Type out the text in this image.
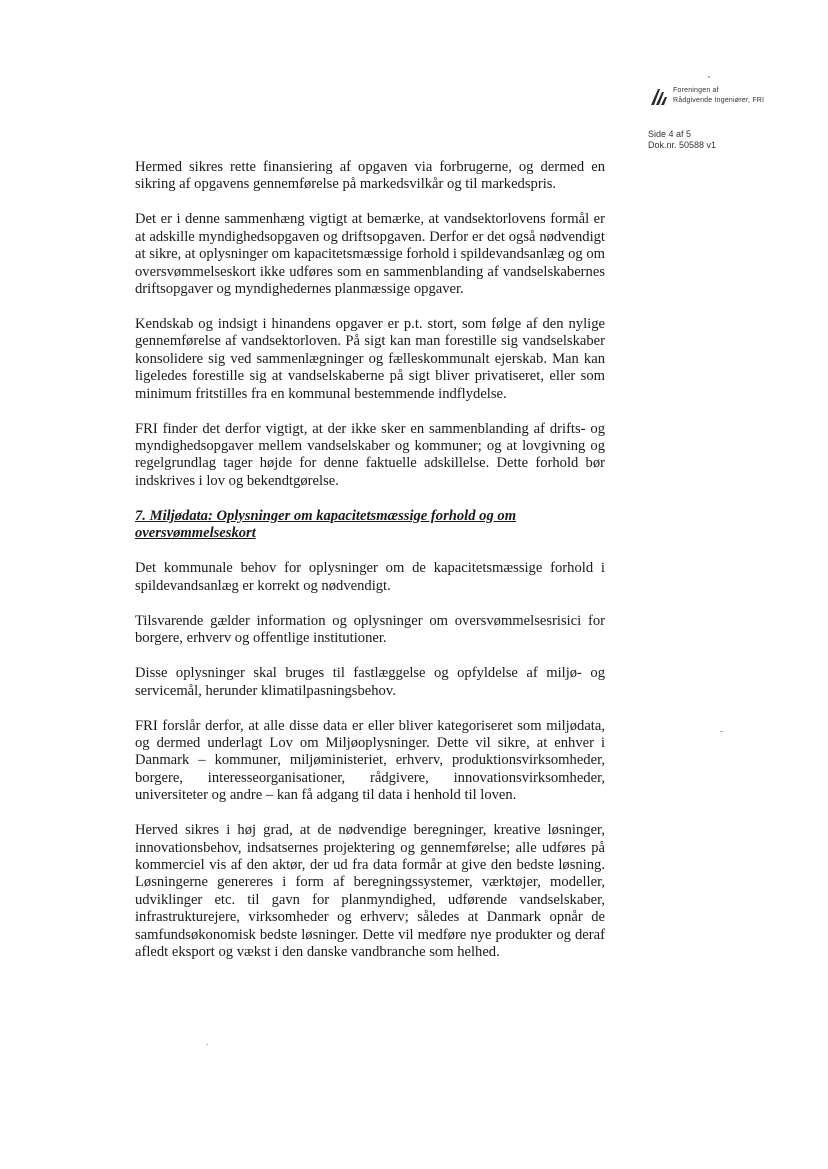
Foreningen af
Rådgivende Ingeniører, FRI
Side 4 af 5
Dok.nr. 50588 v1

Hermed sikres rette finansiering af opgaven via forbrugerne, og dermed en sikring af opgavens gennemførelse på markedsvilkår og til markedspris.

Det er i denne sammenhæng vigtigt at bemærke, at vandsektorlovens formål er at adskille myndighedsopgaven og driftsopgaven. Derfor er det også nødvendigt at sikre, at oplysninger om kapacitetsmæssige forhold i spildevandsanlæg og om oversvømmelseskort ikke udføres som en sammenblanding af vandselskabernes driftsopgaver og myndighedernes planmæssige opgaver.

Kendskab og indsigt i hinandens opgaver er p.t. stort, som følge af den nylige gennemførelse af vandsektorloven. På sigt kan man forestille sig vandselskaber konsolidere sig ved sammenlægninger og fælleskommunalt ejerskab. Man kan ligeledes forestille sig at vandselskaberne på sigt bliver privatiseret, eller som minimum fritstilles fra en kommunal bestemmende indflydelse.

FRI finder det derfor vigtigt, at der ikke sker en sammenblanding af drifts- og myndighedsopgaver mellem vandselskaber og kommuner; og at lovgivning og regelgrundlag tager højde for denne faktuelle adskillelse. Dette forhold bør indskrives i lov og bekendtgørelse.

7. Miljødata: Oplysninger om kapacitetsmæssige forhold og om oversvømmelseskort

Det kommunale behov for oplysninger om de kapacitetsmæssige forhold i spildevandsanlæg er korrekt og nødvendigt.

Tilsvarende gælder information og oplysninger om oversvømmelsesrisici for borgere, erhverv og offentlige institutioner.

Disse oplysninger skal bruges til fastlæggelse og opfyldelse af miljø- og servicemål, herunder klimatilpasningsbehov.

FRI forslår derfor, at alle disse data er eller bliver kategoriseret som miljødata, og dermed underlagt Lov om Miljøoplysninger. Dette vil sikre, at enhver i Danmark – kommuner, miljøministeriet, erhverv, produktionsvirksomheder, borgere, interesseorganisationer, rådgivere, innovationsvirksomheder, universiteter og andre – kan få adgang til data i henhold til loven.

Herved sikres i høj grad, at de nødvendige beregninger, kreative løsninger, innovationsbehov, indsatsernes projektering og gennemførelse; alle udføres på kommerciel vis af den aktør, der ud fra data formår at give den bedste løsning. Løsningerne genereres i form af beregningssystemer, værktøjer, modeller, udviklinger etc. til gavn for planmyndighed, udførende vandselskaber, infrastrukturejere, virksomheder og erhverv; således at Danmark opnår de samfundsøkonomisk bedste løsninger. Dette vil medføre nye produkter og deraf afledt eksport og vækst i den danske vandbranche som helhed.
